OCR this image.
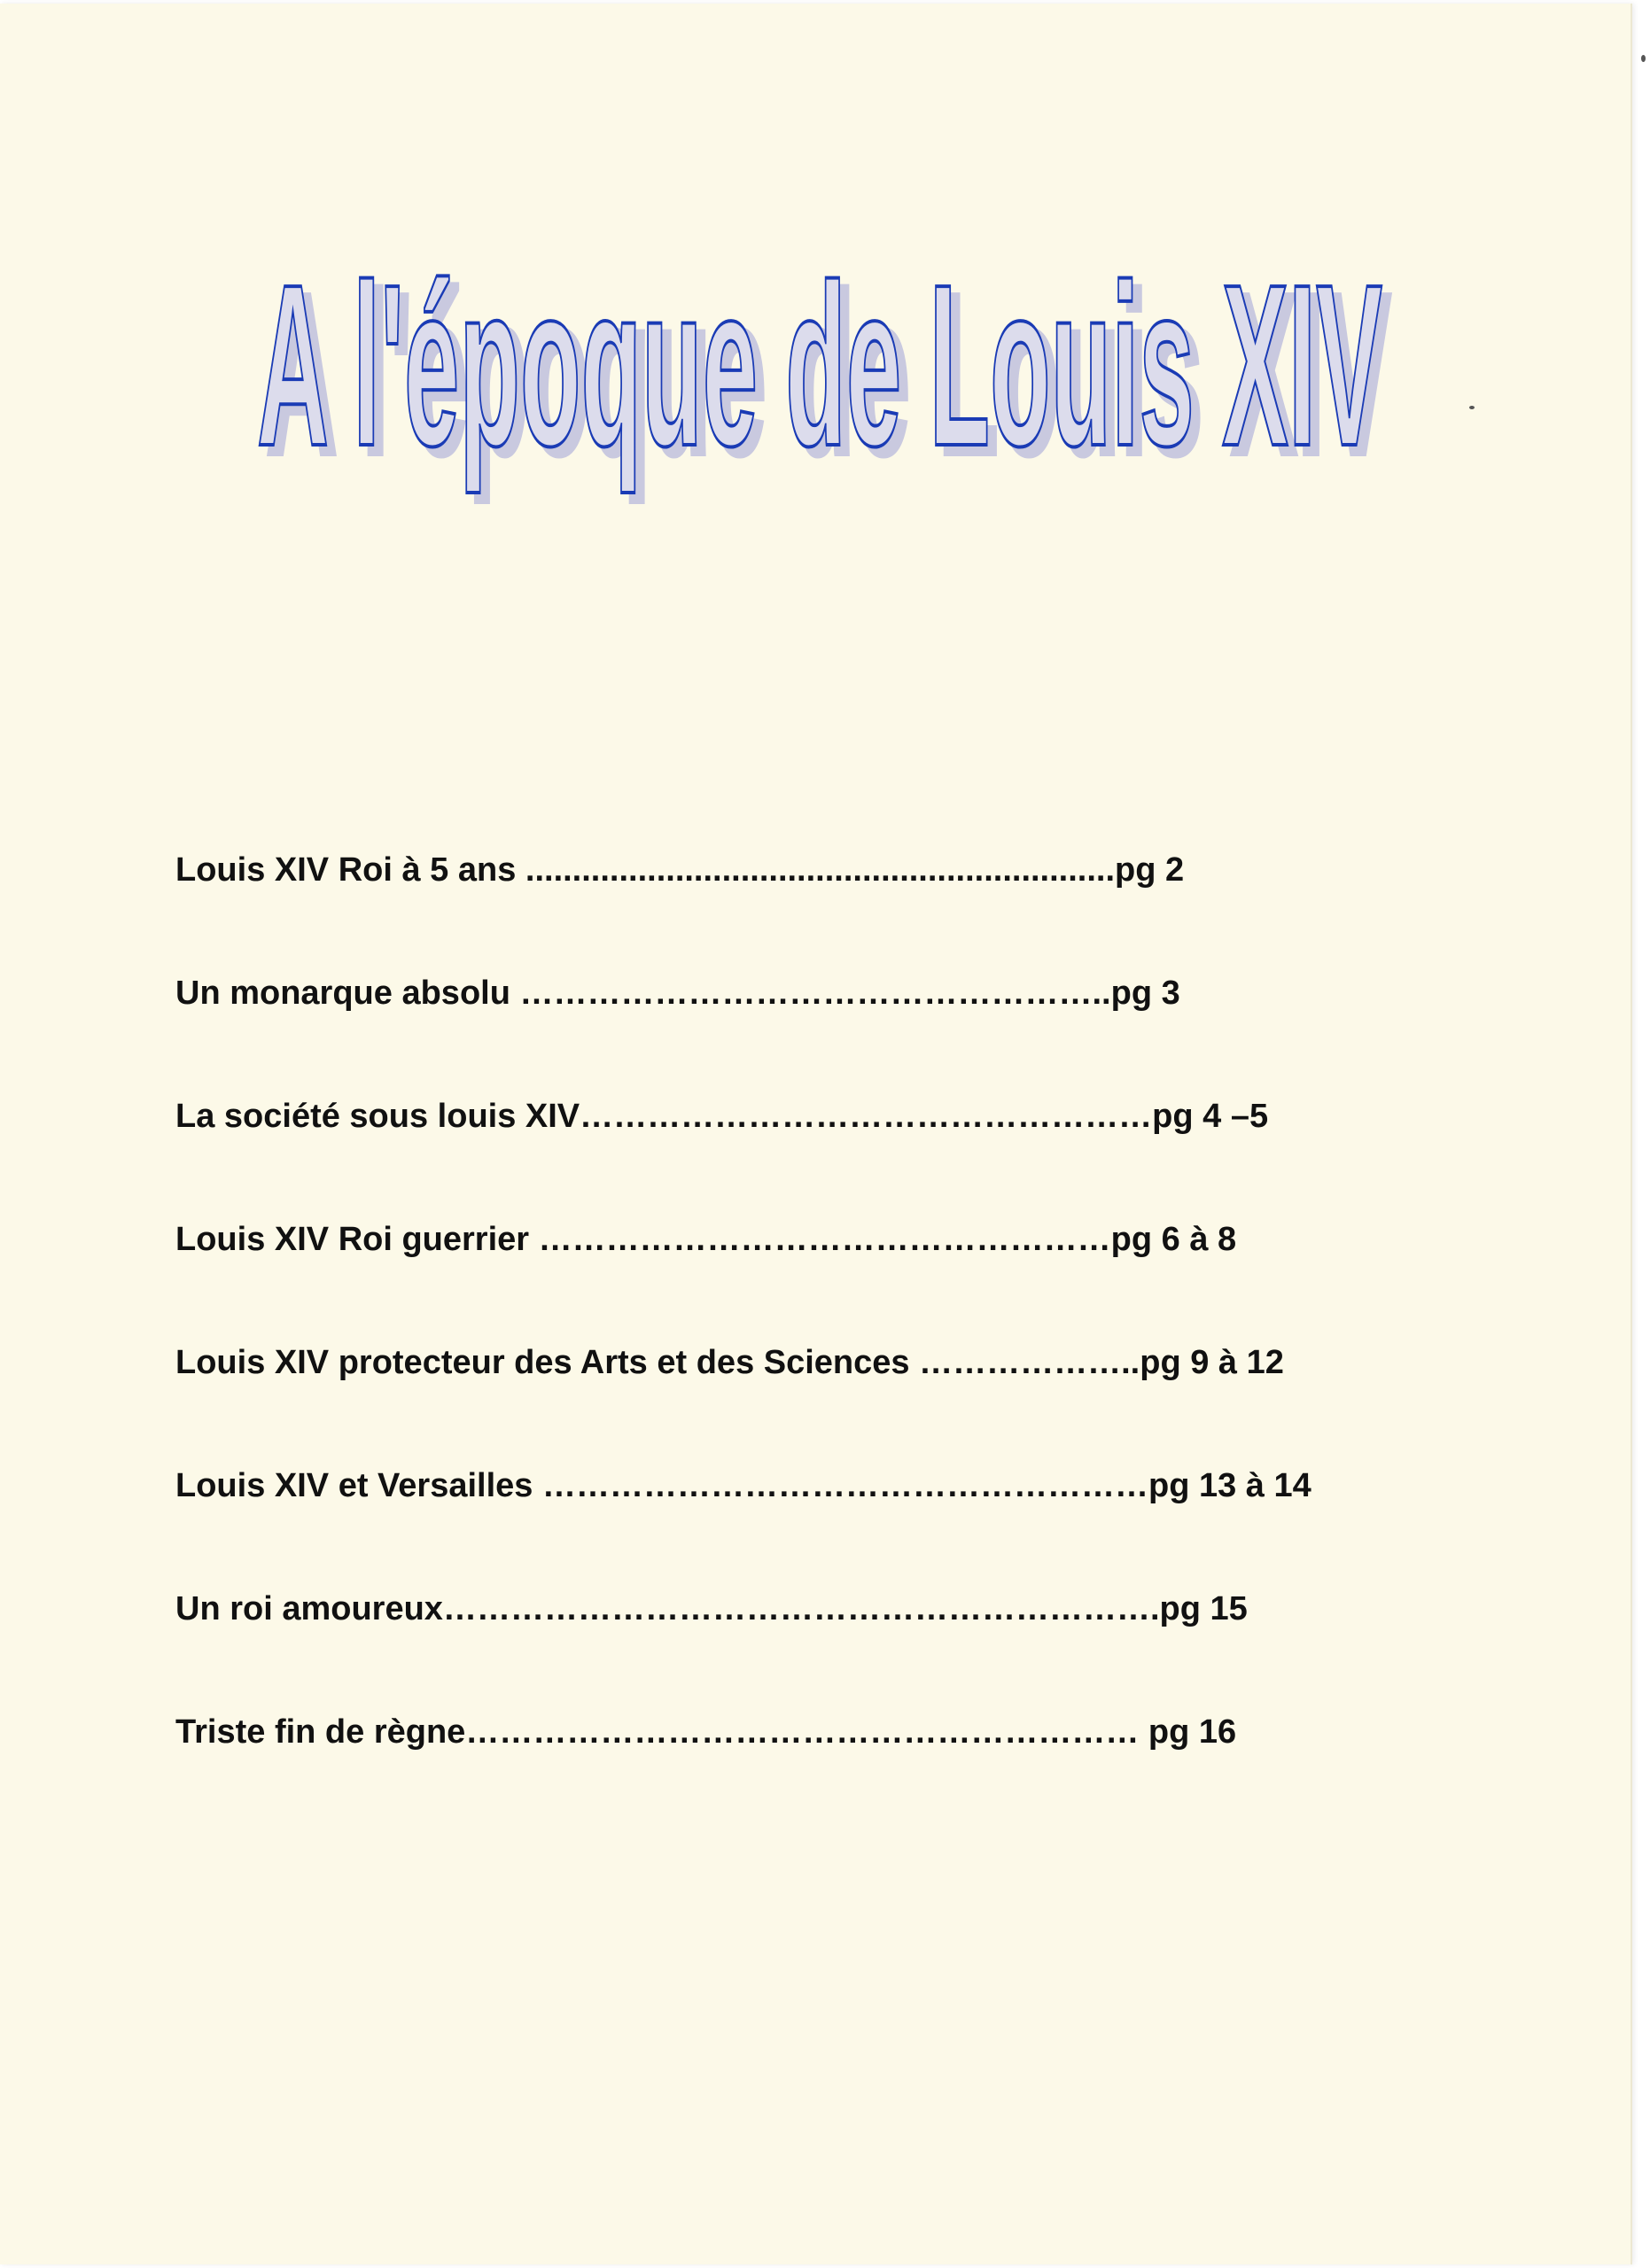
A l'époque de Louis XIV
A l'époque de Louis XIV
Louis XIV Roi à 5 ans ...............................................................pg 2
Un monarque absolu ……………………………………………..pg 3
La société sous louis XIV……………………………………………pg 4 –5
Louis XIV Roi guerrier ……………………………………………pg 6 à 8
Louis XIV protecteur des Arts et des Sciences ………………..pg 9 à 12
Louis XIV et Versailles ………………………………………………pg 13 à 14
Un roi amoureux……………………………………………………….pg 15
Triste fin de règne…………………………………………………… pg 16
